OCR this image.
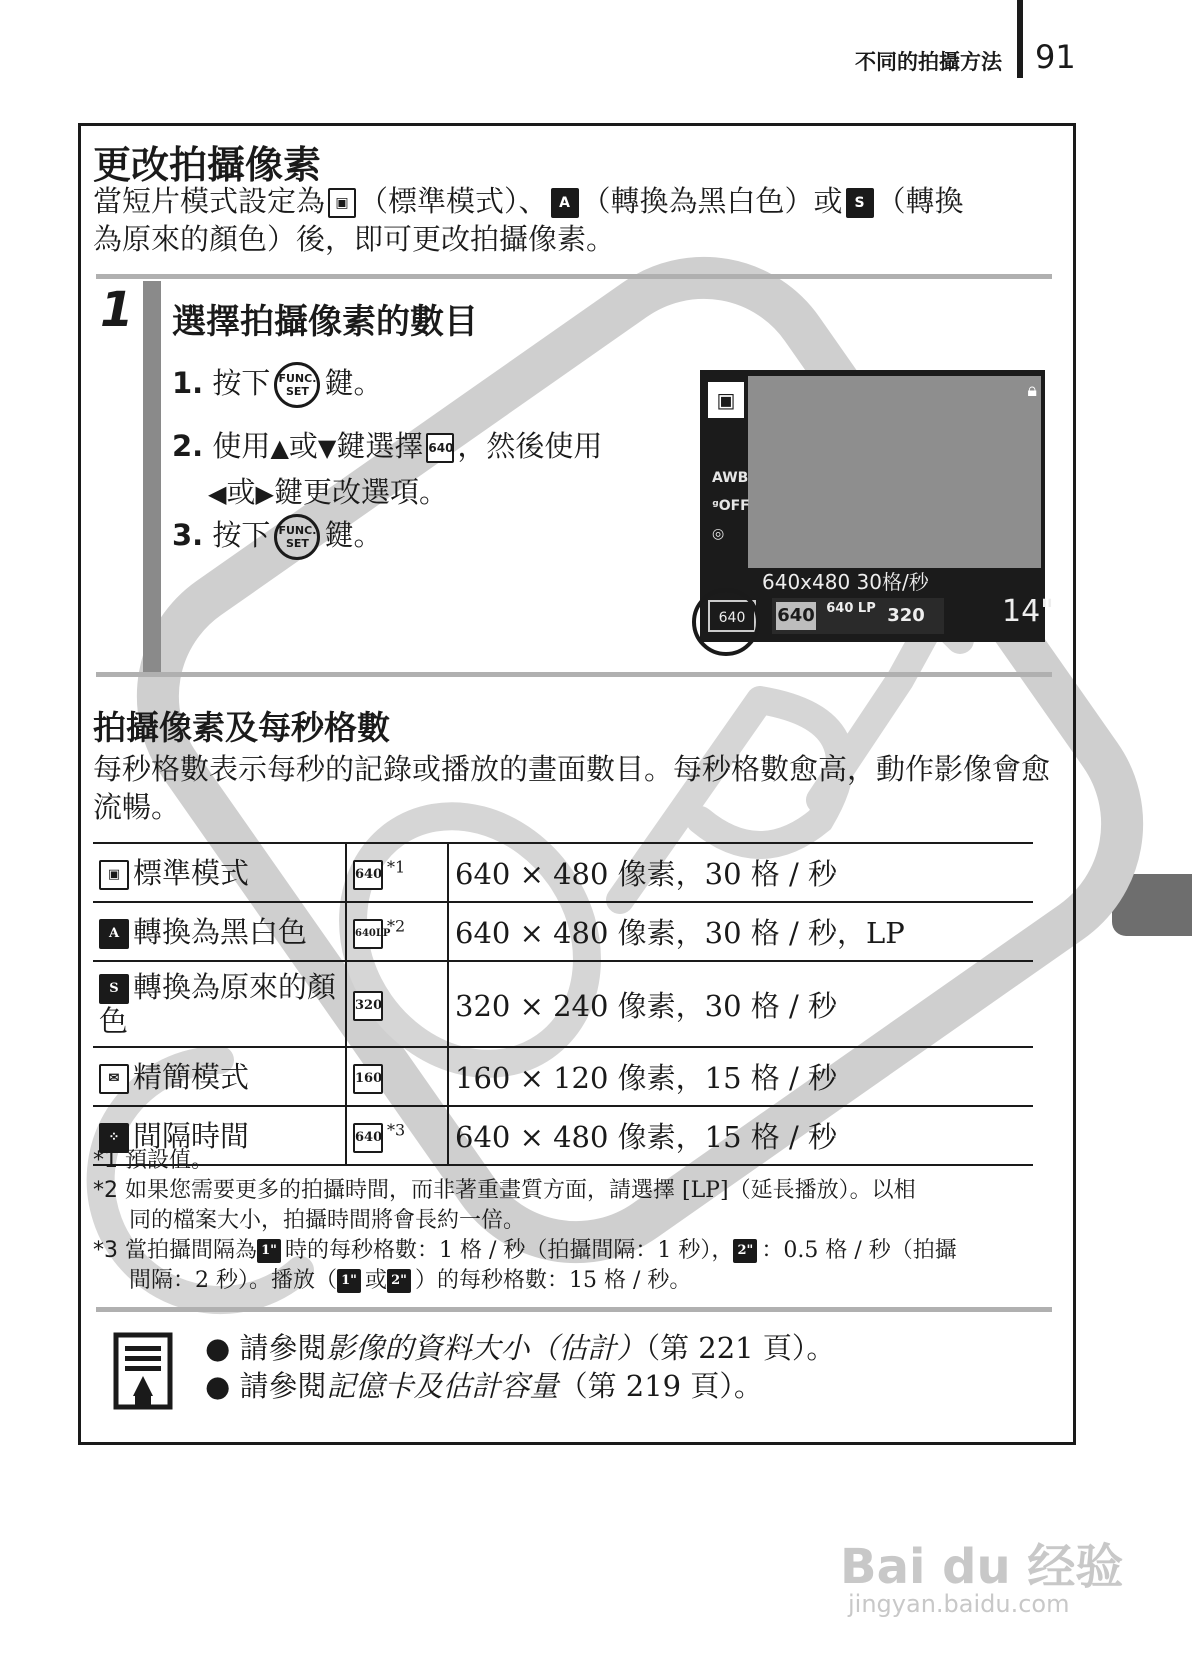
不同的拍攝方法 91
更改拍攝像素
當短片模式設定為 ▣ （標準模式）、 A （轉換為黑白色）或 S （轉換
為原來的顏色）後，即可更改拍攝像素。
1 選擇拍攝像素的數目
1. 按下 FUNC.
SET 鍵。
2. 使用▲或▼鍵選擇 640 ，然後使用
◀或▶鍵更改選項。
3. 按下 FUNC.
SET 鍵。
▣
AWB
ᵍOFF
◎
🔒︎
640x480 30格/秒
640	640 640 LP 320	14"
拍攝像素及每秒格數
每秒格數表示每秒的記錄或播放的畫面數目。每秒格數愈高，動作影像會愈流暢。
▣ 標準模式	640 $^{*1}$	640 × 480 像素，30 格 / 秒
A 轉換為黑白色	640LP$^{*2}$	640 × 480 像素，30 格 / 秒，LP
S 轉換為原來的顏色	320	320 × 240 像素，30 格 / 秒
✉ 精簡模式	160	160 × 120 像素，15 格 / 秒
⁘ 間隔時間	640 $^{*3}$	640 × 480 像素，15 格 / 秒
*1 預設值。
*2 如果您需要更多的拍攝時間，而非著重畫質方面，請選擇 [LP]（延長播放）。以相
同的檔案大小，拍攝時間將會長約一倍。
*3 當拍攝間隔為 1" 時的每秒格數：1 格 / 秒（拍攝間隔：1 秒）， 2" ：0.5 格 / 秒（拍攝
間隔：2 秒）。播放（ 1" 或 2" ）的每秒格數：15 格 / 秒。
● 請參閱影像的資料大小（估計）（第 221 頁）。
● 請參閱記億卡及估計容量（第 219 頁）。
Bai du 经验
jingyan.baidu.com
